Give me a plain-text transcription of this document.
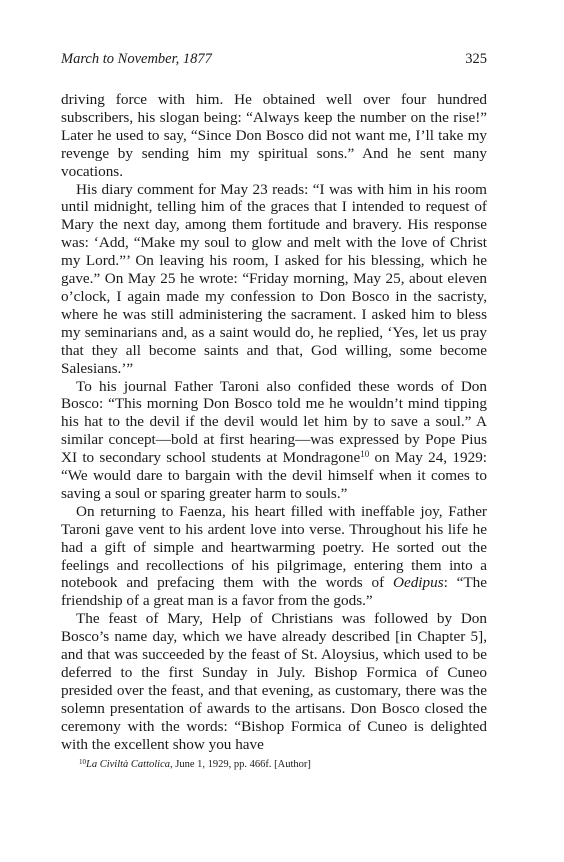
March to November, 1877	325

driving force with him. He obtained well over four hundred subscribers, his slogan being: “Always keep the number on the rise!” Later he used to say, “Since Don Bosco did not want me, I’ll take my revenge by sending him my spiritual sons.” And he sent many vocations.

His diary comment for May 23 reads: “I was with him in his room until midnight, telling him of the graces that I intended to request of Mary the next day, among them fortitude and bravery. His response was: ‘Add, “Make my soul to glow and melt with the love of Christ my Lord.”’ On leaving his room, I asked for his blessing, which he gave.” On May 25 he wrote: “Friday morning, May 25, about eleven o’clock, I again made my confession to Don Bosco in the sacristy, where he was still administering the sacrament. I asked him to bless my seminarians and, as a saint would do, he replied, ‘Yes, let us pray that they all become saints and that, God willing, some become Salesians.’”

To his journal Father Taroni also confided these words of Don Bosco: “This morning Don Bosco told me he wouldn’t mind tipping his hat to the devil if the devil would let him by to save a soul.” A similar concept—bold at first hearing—was expressed by Pope Pius XI to secondary school students at Mondragone$^{10}$ on May 24, 1929: “We would dare to bargain with the devil himself when it comes to saving a soul or sparing greater harm to souls.”

On returning to Faenza, his heart filled with ineffable joy, Father Taroni gave vent to his ardent love into verse. Throughout his life he had a gift of simple and heartwarming poetry. He sorted out the feelings and recollections of his pilgrimage, entering them into a notebook and prefacing them with the words of Oedipus: “The friendship of a great man is a favor from the gods.”

The feast of Mary, Help of Christians was followed by Don Bosco’s name day, which we have already described [in Chapter 5], and that was succeeded by the feast of St. Aloysius, which used to be deferred to the first Sunday in July. Bishop Formica of Cuneo presided over the feast, and that evening, as customary, there was the solemn presentation of awards to the artisans. Don Bosco closed the ceremony with the words: “Bishop Formica of Cuneo is delighted with the excellent show you have

$^{10}$La Civiltà Cattolica, June 1, 1929, pp. 466f. [Author]
